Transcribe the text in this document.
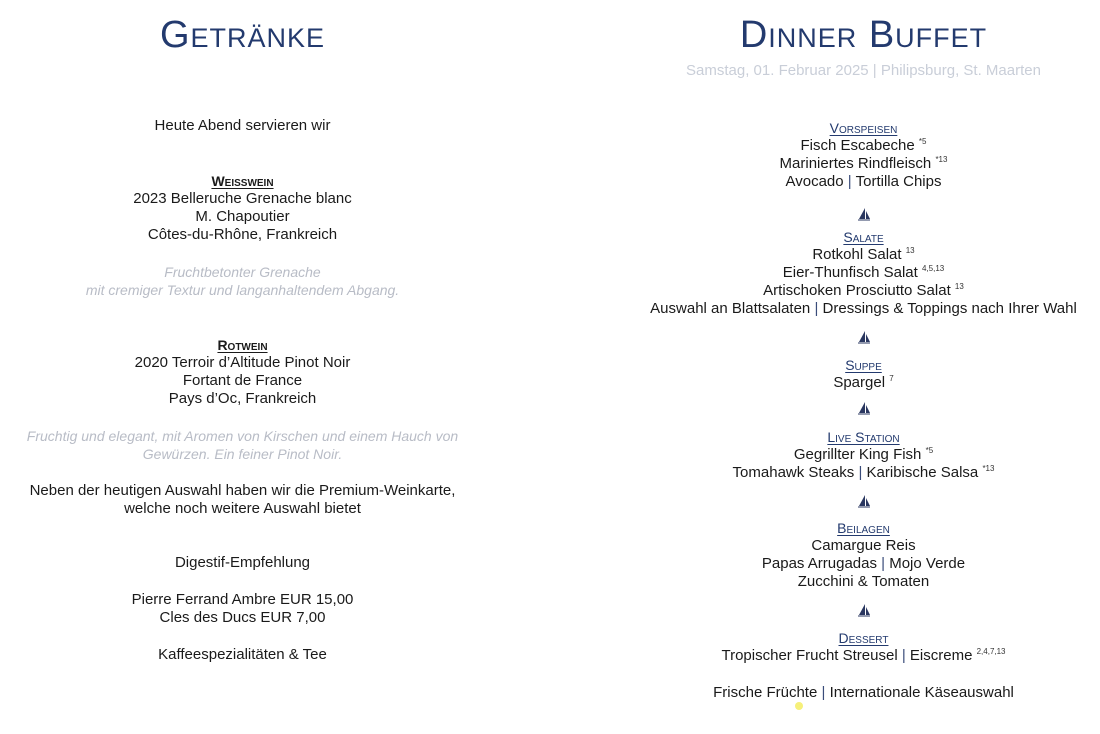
Getränke
Heute Abend servieren wir
Weißwein
2023 Belleruche Grenache blanc
M. Chapoutier
Côtes-du-Rhône, Frankreich
Fruchtbetonter Grenache
mit cremiger Textur und langanhaltendem Abgang.
Rotwein
2020 Terroir d’Altitude Pinot Noir
Fortant de France
Pays d’Oc, Frankreich
Fruchtig und elegant, mit Aromen von Kirschen und einem Hauch von
Gewürzen. Ein feiner Pinot Noir.
Neben der heutigen Auswahl haben wir die Premium-Weinkarte,
welche noch weitere Auswahl bietet
Digestif-Empfehlung
Pierre Ferrand Ambre EUR 15,00
Cles des Ducs EUR 7,00
Kaffeespezialitäten & Tee
Dinner Buffet
Samstag, 01. Februar 2025 | Philipsburg, St. Maarten
Vorspeisen
Fisch Escabeche $^{*5}$
Mariniertes Rindfleisch $^{*13}$
Avocado | Tortilla Chips
Salate
Rotkohl Salat $^{13}$
Eier-Thunfisch Salat $^{4,5,13}$
Artischoken Prosciutto Salat $^{13}$
Auswahl an Blattsalaten | Dressings & Toppings nach Ihrer Wahl
Suppe
Spargel $^7$
Live Station
Gegrillter King Fish $^{*5}$
Tomahawk Steaks | Karibische Salsa $^{*13}$
Beilagen
Camargue Reis
Papas Arrugadas | Mojo Verde
Zucchini & Tomaten
Dessert
Tropischer Frucht Streusel | Eiscreme $^{2,4,7,13}$
Frische Früchte | Internationale Käseauswahl
